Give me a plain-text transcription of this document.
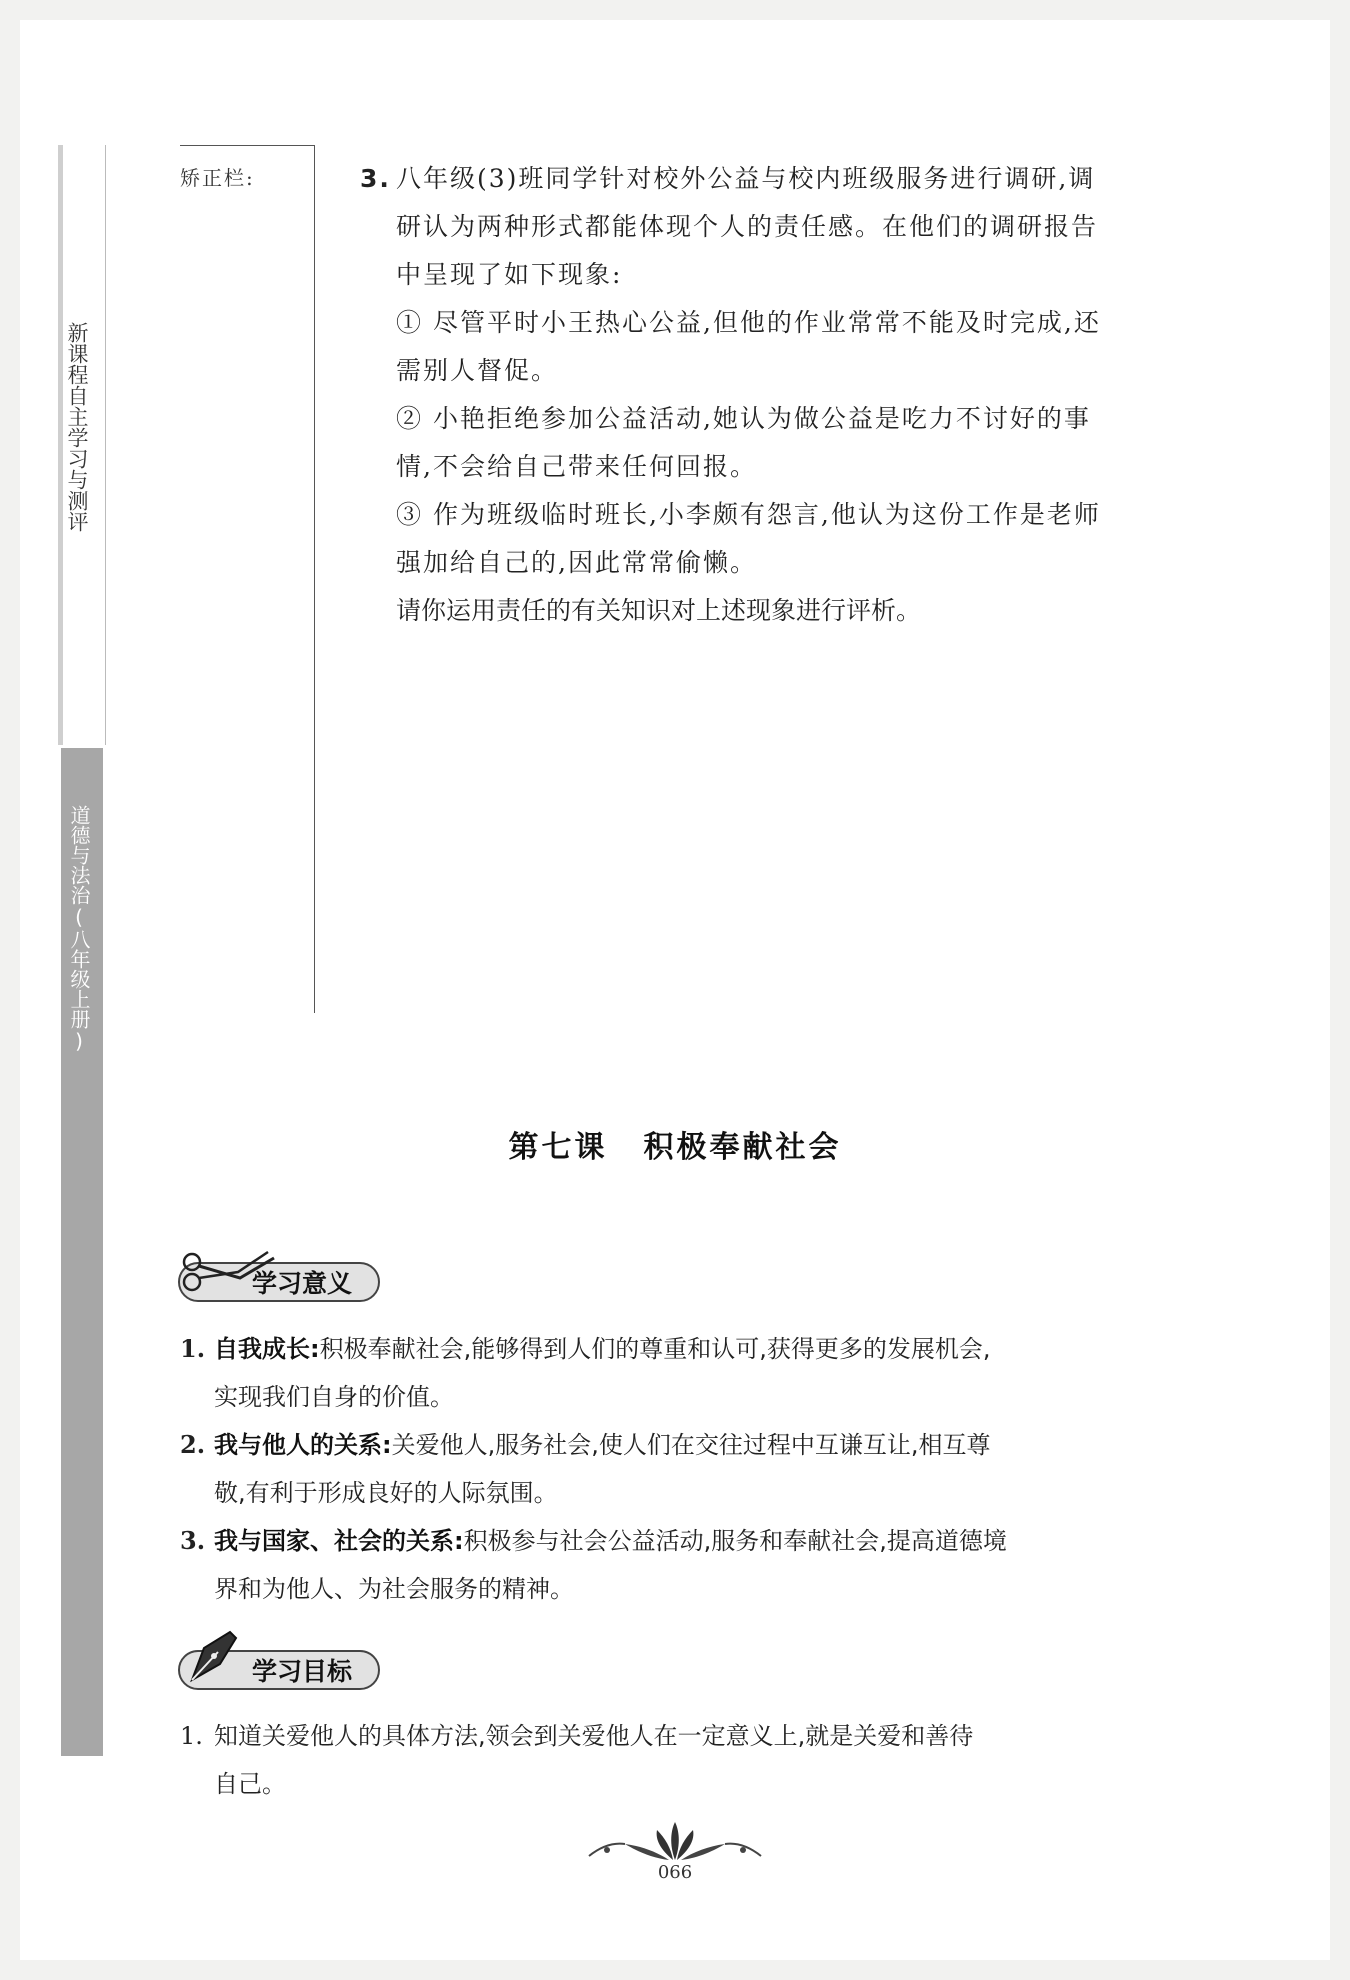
新课程自主学习与测评
道德与法治(八年级上册)
矫正栏:	3. 八年级(3)班同学针对校外公益与校内班级服务进行调研,调

研认为两种形式都能体现个人的责任感。在他们的调研报告

中呈现了如下现象:

① 尽管平时小王热心公益,但他的作业常常不能及时完成,还

需别人督促。

② 小艳拒绝参加公益活动,她认为做公益是吃力不讨好的事

情,不会给自己带来任何回报。

③ 作为班级临时班长,小李颇有怨言,他认为这份工作是老师

强加给自己的,因此常常偷懒。

请你运用责任的有关知识对上述现象进行评析。

第七课 积极奉献社会
学习意义
1. 自我成长:积极奉献社会,能够得到人们的尊重和认可,获得更多的发展机会,
实现我们自身的价值。
2. 我与他人的关系:关爱他人,服务社会,使人们在交往过程中互谦互让,相互尊
敬,有利于形成良好的人际氛围。
3. 我与国家、社会的关系:积极参与社会公益活动,服务和奉献社会,提高道德境
界和为他人、为社会服务的精神。
学习目标
1. 知道关爱他人的具体方法,领会到关爱他人在一定意义上,就是关爱和善待
自己。
066
